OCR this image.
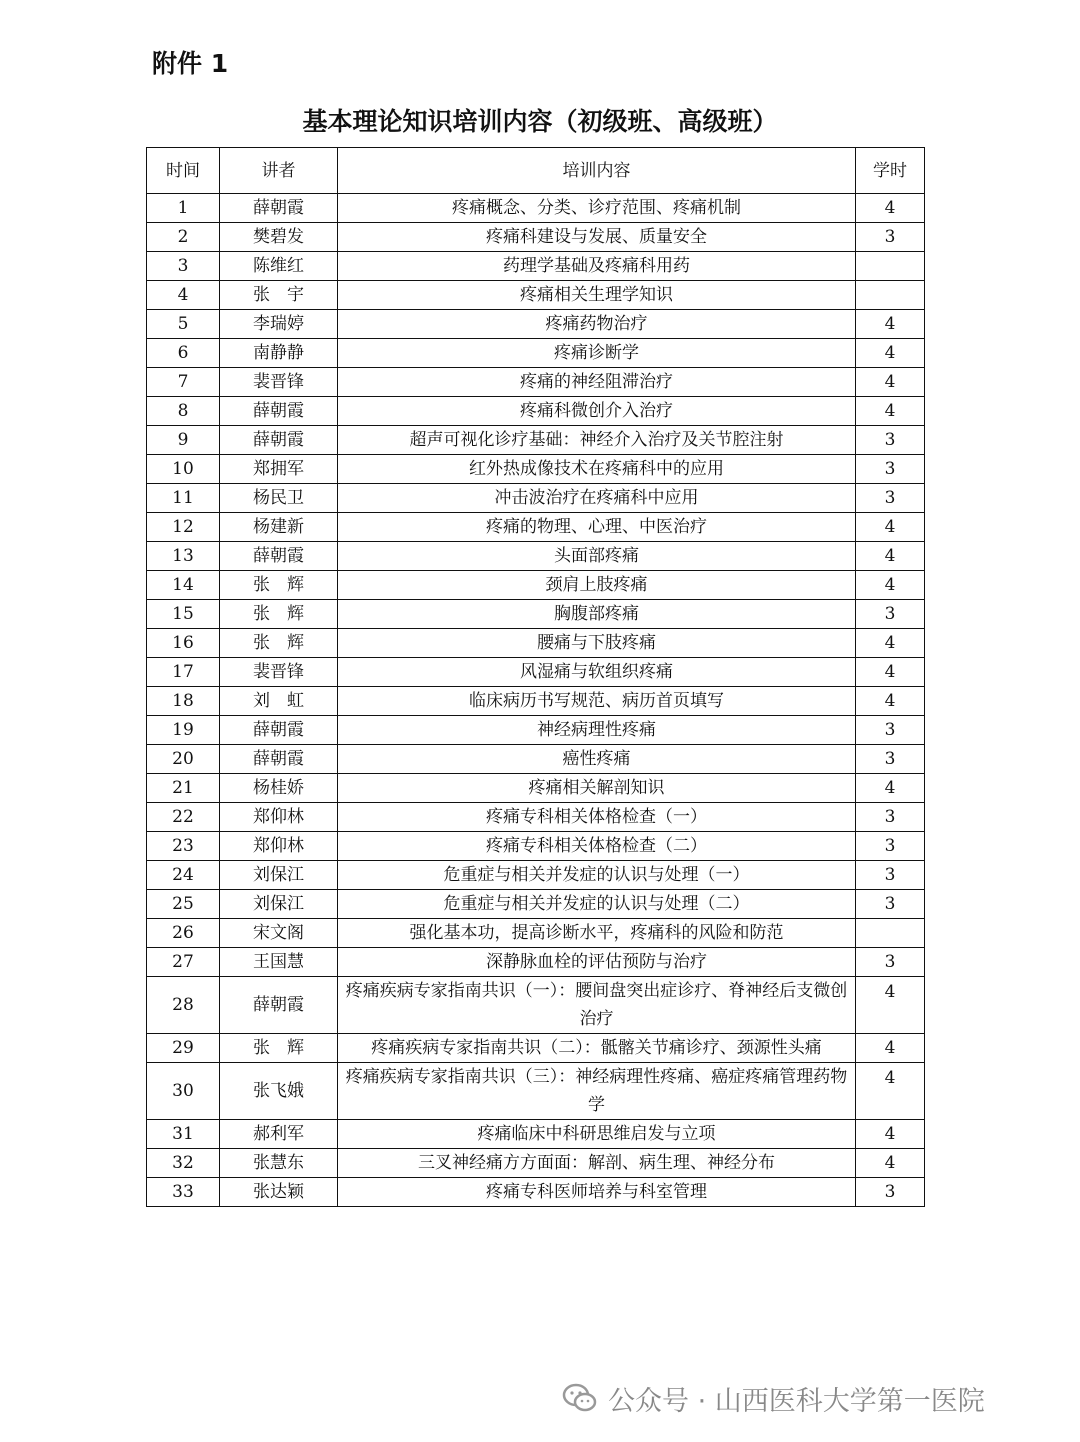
附件 1
基本理论知识培训内容（初级班、高级班）
时间	讲者	培训内容	学时
1	薛朝霞	疼痛概念、分类、诊疗范围、疼痛机制	4
2	樊碧发	疼痛科建设与发展、质量安全	3
3	陈维红	药理学基础及疼痛科用药	
4	张　宇	疼痛相关生理学知识	
5	李瑞婷	疼痛药物治疗	4
6	南静静	疼痛诊断学	4
7	裴晋锋	疼痛的神经阻滞治疗	4
8	薛朝霞	疼痛科微创介入治疗	4
9	薛朝霞	超声可视化诊疗基础：神经介入治疗及关节腔注射	3
10	郑拥军	红外热成像技术在疼痛科中的应用	3
11	杨民卫	冲击波治疗在疼痛科中应用	3
12	杨建新	疼痛的物理、心理、中医治疗	4
13	薛朝霞	头面部疼痛	4
14	张　辉	颈肩上肢疼痛	4
15	张　辉	胸腹部疼痛	3
16	张　辉	腰痛与下肢疼痛	4
17	裴晋锋	风湿痛与软组织疼痛	4
18	刘　虹	临床病历书写规范、病历首页填写	4
19	薛朝霞	神经病理性疼痛	3
20	薛朝霞	癌性疼痛	3
21	杨桂娇	疼痛相关解剖知识	4
22	郑仰林	疼痛专科相关体格检查（一）	3
23	郑仰林	疼痛专科相关体格检查（二）	3
24	刘保江	危重症与相关并发症的认识与处理（一）	3
25	刘保江	危重症与相关并发症的认识与处理（二）	3
26	宋文阁	强化基本功，提高诊断水平，疼痛科的风险和防范	
27	王国慧	深静脉血栓的评估预防与治疗	3
28	薛朝霞	疼痛疾病专家指南共识（一）：腰间盘突出症诊疗、脊神经后支微创治疗	4
29	张　辉	疼痛疾病专家指南共识（二）：骶髂关节痛诊疗、颈源性头痛	4
30	张飞娥	疼痛疾病专家指南共识（三）：神经病理性疼痛、癌症疼痛管理药物学	4
31	郝利军	疼痛临床中科研思维启发与立项	4
32	张慧东	三叉神经痛方方面面：解剖、病生理、神经分布	4
33	张达颖	疼痛专科医师培养与科室管理	3
公众号 · 山西医科大学第一医院
